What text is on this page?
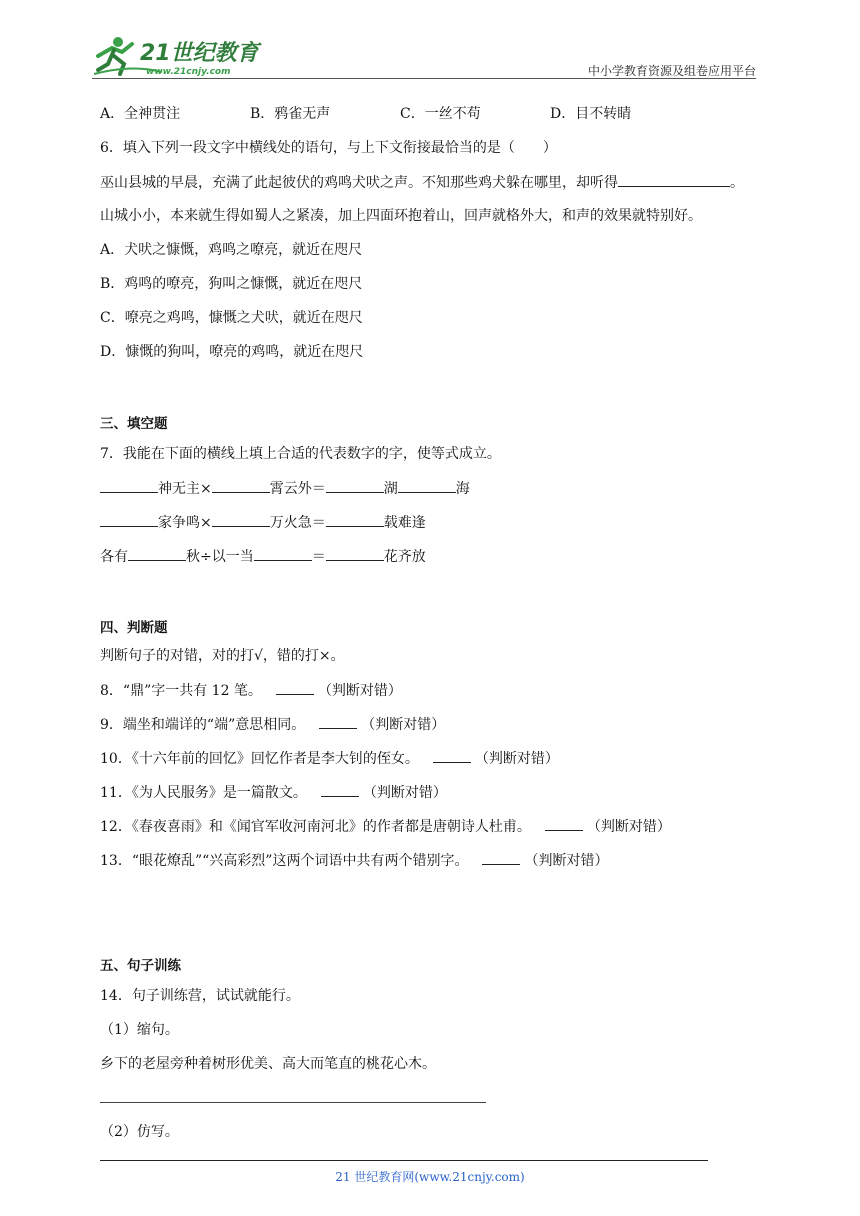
21世纪教育
www.21cnjy.com	中小学教育资源及组卷应用平台
A．全神贯注	B．鸦雀无声	C．一丝不苟	D．目不转睛
6．填入下列一段文字中横线处的语句，与上下文衔接最恰当的是（　　）
巫山县城的早晨，充满了此起彼伏的鸡鸣犬吠之声。不知那些鸡犬躲在哪里，却听得	。
山城小小，本来就生得如蜀人之紧凑，加上四面环抱着山，回声就格外大，和声的效果就特别好。
A．犬吠之慷慨，鸡鸣之嘹亮，就近在咫尺
B．鸡鸣的嘹亮，狗叫之慷慨，就近在咫尺
C．嘹亮之鸡鸣，慷慨之犬吠，就近在咫尺
D．慷慨的狗叫，嘹亮的鸡鸣，就近在咫尺
三、填空题
7．我能在下面的横线上填上合适的代表数字的字，使等式成立。
神无主×	霄云外＝	湖	海
家争鸣×	万火急＝	载难逢
各有	秋÷以一当	＝	花齐放
四、判断题
判断句子的对错，对的打√，错的打×。
8．“鼎”字一共有 12 笔。	（判断对错）
9．端坐和端详的“端”意思相同。	（判断对错）
10．《十六年前的回忆》回忆作者是李大钊的侄女。	（判断对错）
11．《为人民服务》是一篇散文。	（判断对错）
12．《春夜喜雨》和《闻官军收河南河北》的作者都是唐朝诗人杜甫。	（判断对错）
13．“眼花燎乱”“兴高彩烈”这两个词语中共有两个错别字。	（判断对错）
五、句子训练
14．句子训练营，试试就能行。
（1）缩句。
乡下的老屋旁种着树形优美、高大而笔直的桃花心木。
（2）仿写。
21 世纪教育网(www.21cnjy.com)
